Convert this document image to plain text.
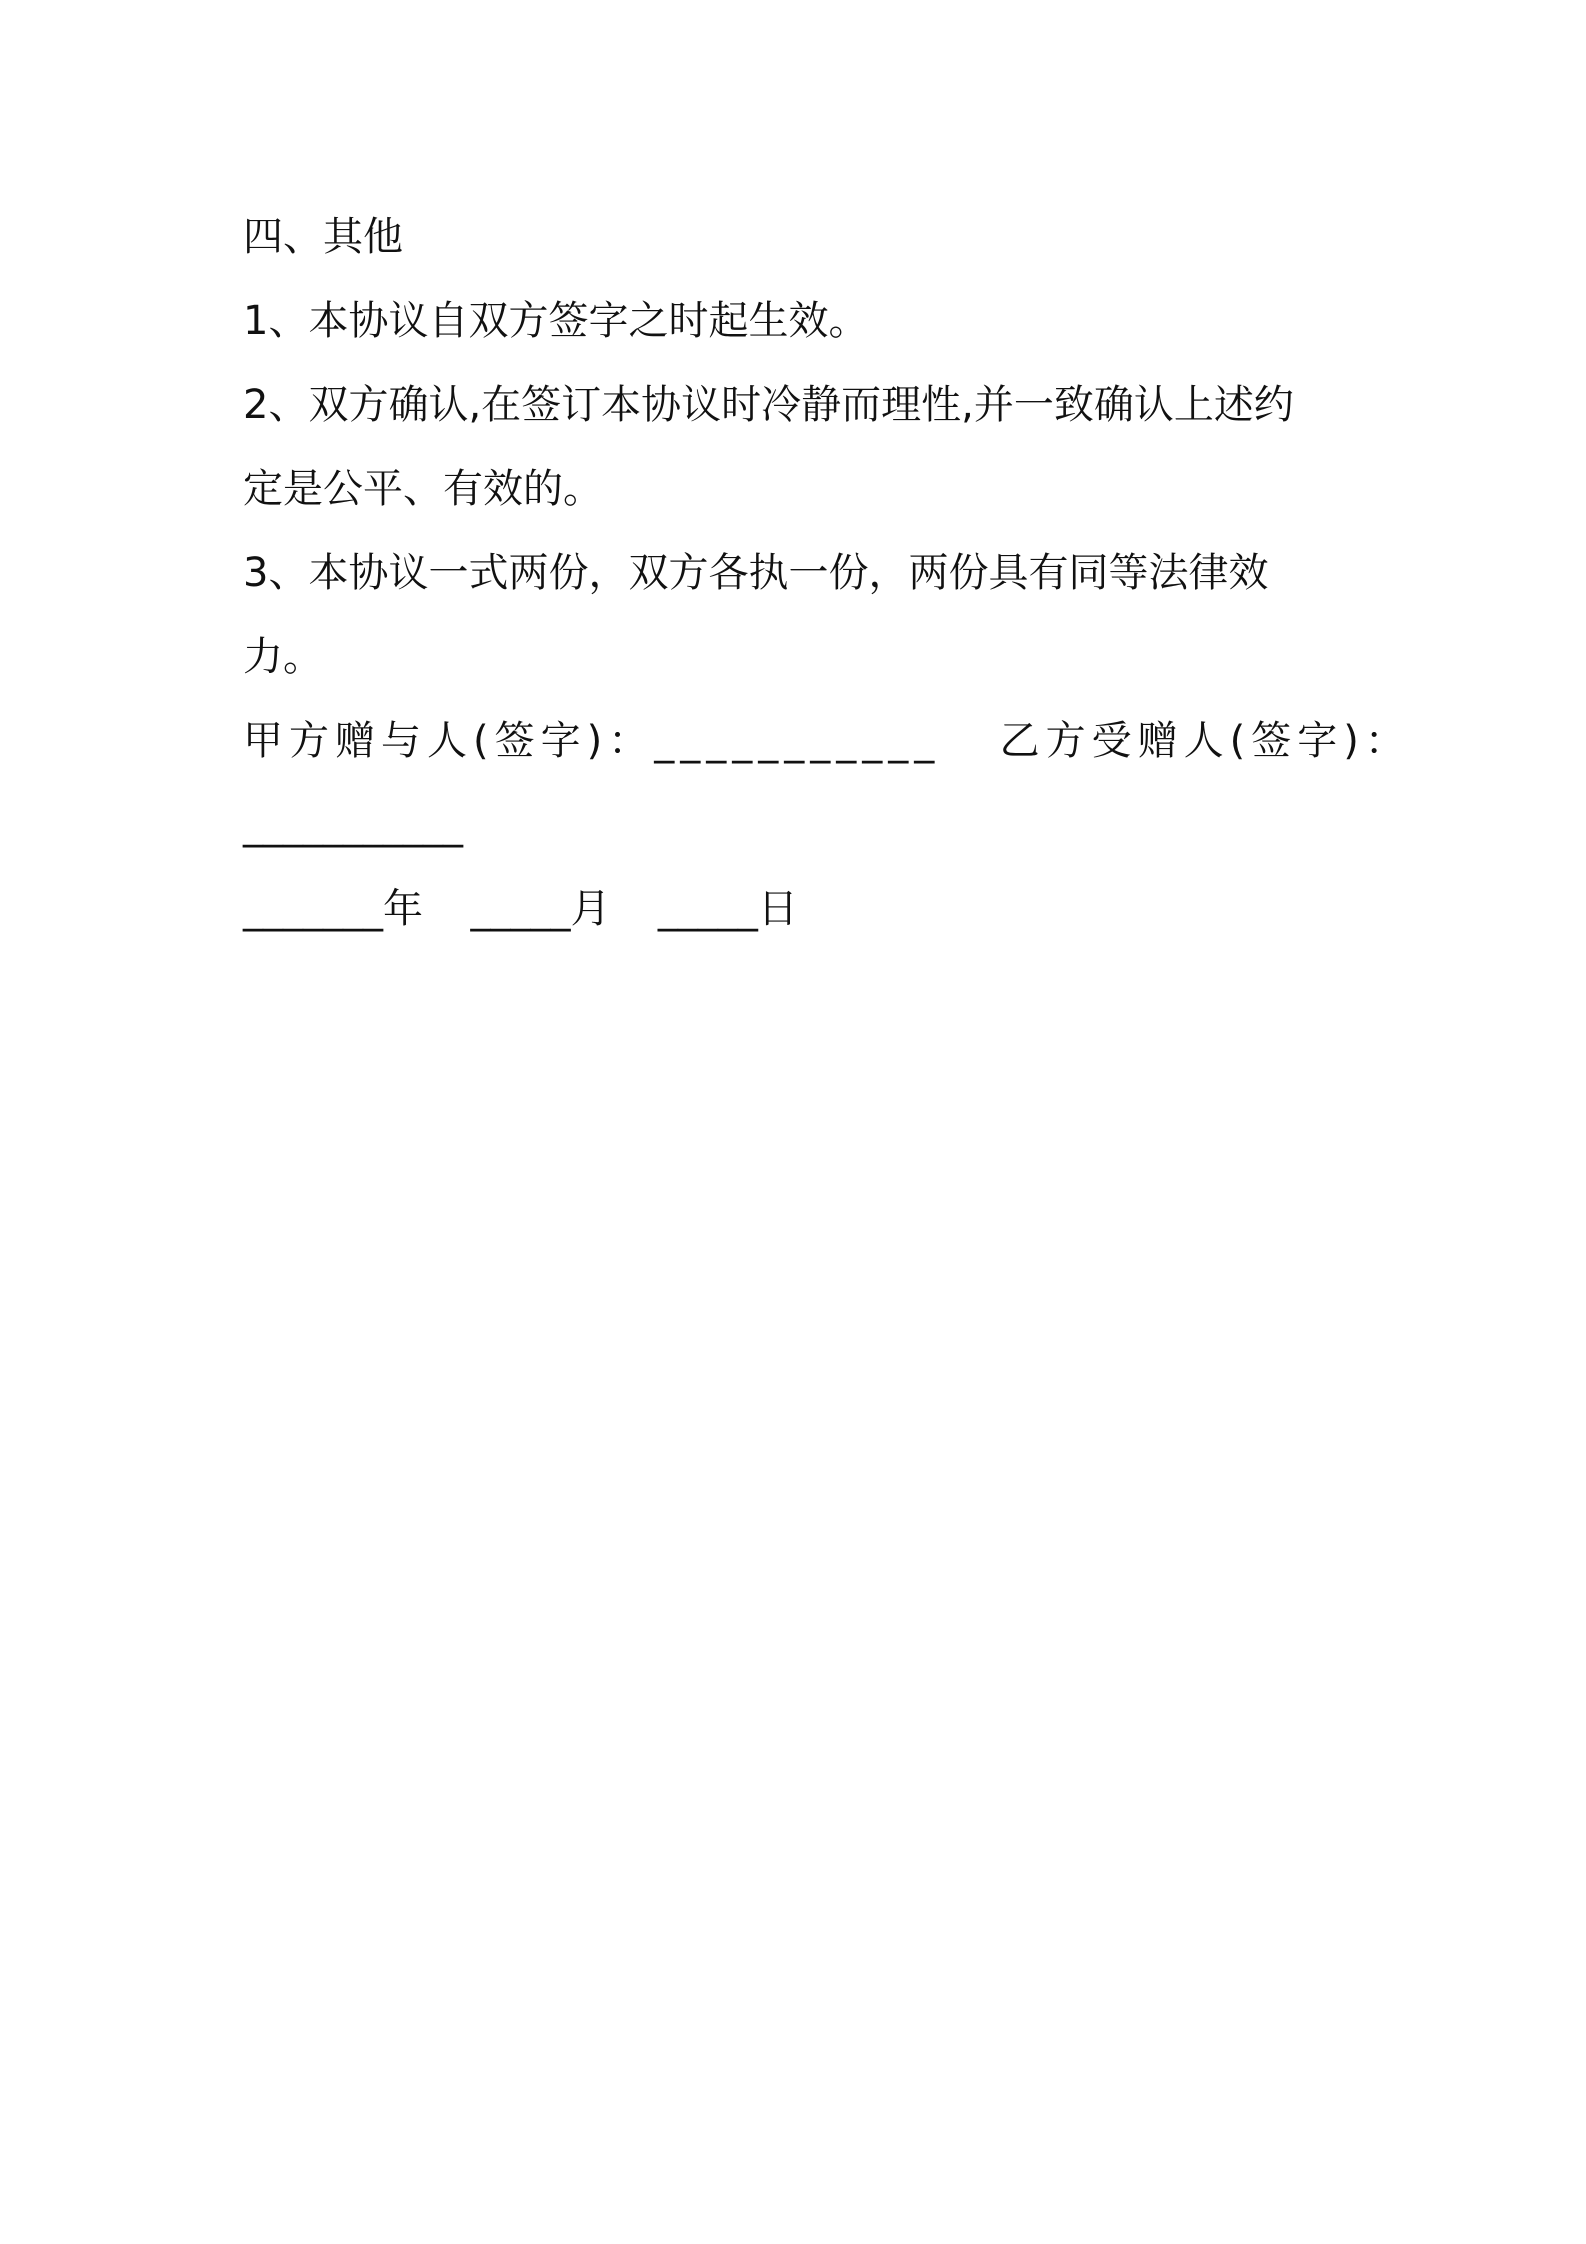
四、其他
1、本协议自双方签字之时起生效。
2、双方确认,在签订本协议时冷静而理性,并一致确认上述约
定是公平、有效的。
3、本协议一式两份，双方各执一份，两份具有同等法律效
力。
甲方赠与人(签字)：___________ 乙方受赠人(签字)：
___________
_______年 _____月 _____日
